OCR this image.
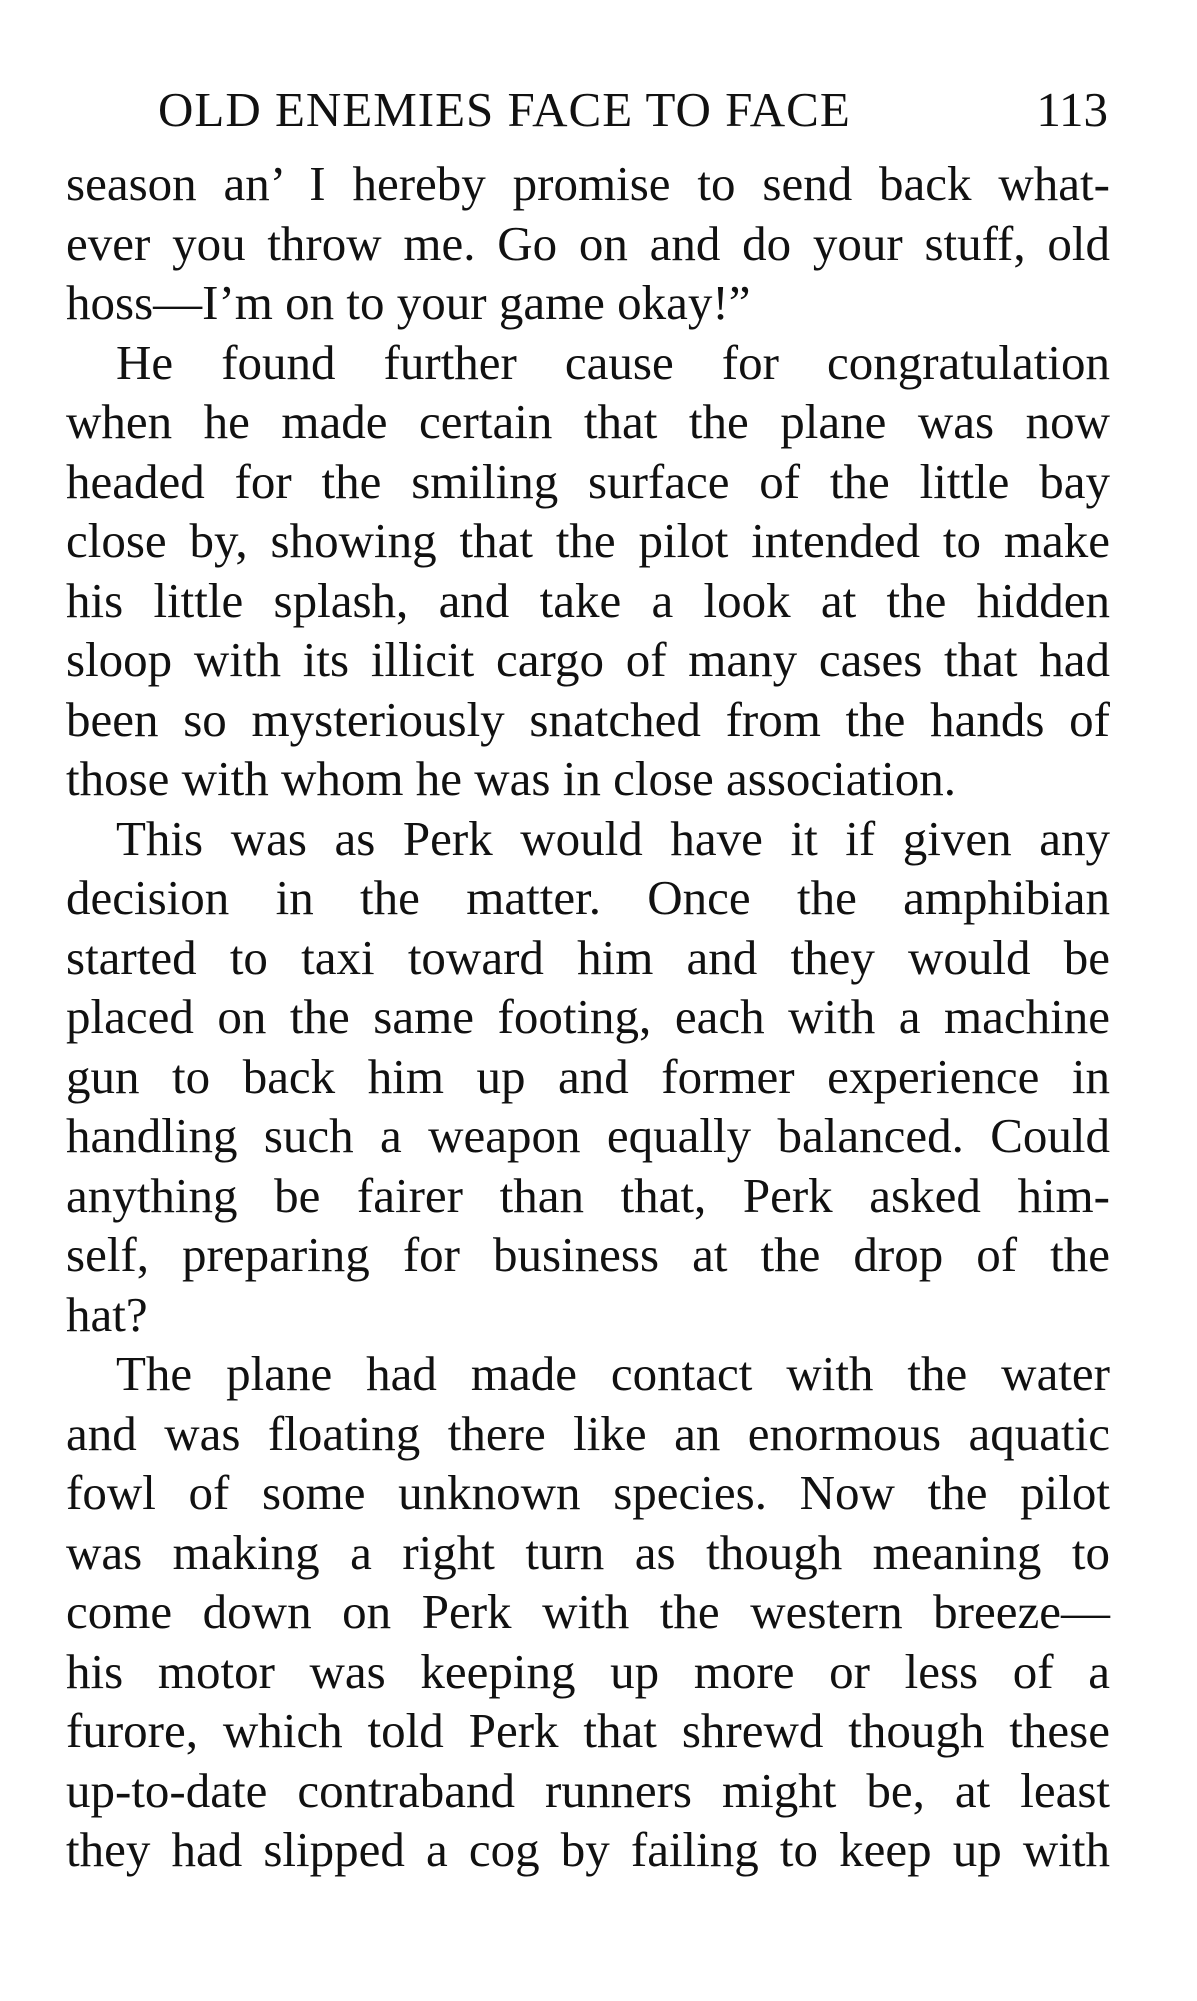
OLD ENEMIES FACE TO FACE	113
season an’ I hereby promise to send back what-
ever you throw me. Go on and do your stuff, old
hoss—I’m on to your game okay!”
He found further cause for congratulation
when he made certain that the plane was now
headed for the smiling surface of the little bay
close by, showing that the pilot intended to make
his little splash, and take a look at the hidden
sloop with its illicit cargo of many cases that had
been so mysteriously snatched from the hands of
those with whom he was in close association.
This was as Perk would have it if given any
decision in the matter. Once the amphibian
started to taxi toward him and they would be
placed on the same footing, each with a machine
gun to back him up and former experience in
handling such a weapon equally balanced. Could
anything be fairer than that, Perk asked him-
self, preparing for business at the drop of the
hat?
The plane had made contact with the water
and was floating there like an enormous aquatic
fowl of some unknown species. Now the pilot
was making a right turn as though meaning to
come down on Perk with the western breeze—
his motor was keeping up more or less of a
furore, which told Perk that shrewd though these
up-to-date contraband runners might be, at least
they had slipped a cog by failing to keep up with
